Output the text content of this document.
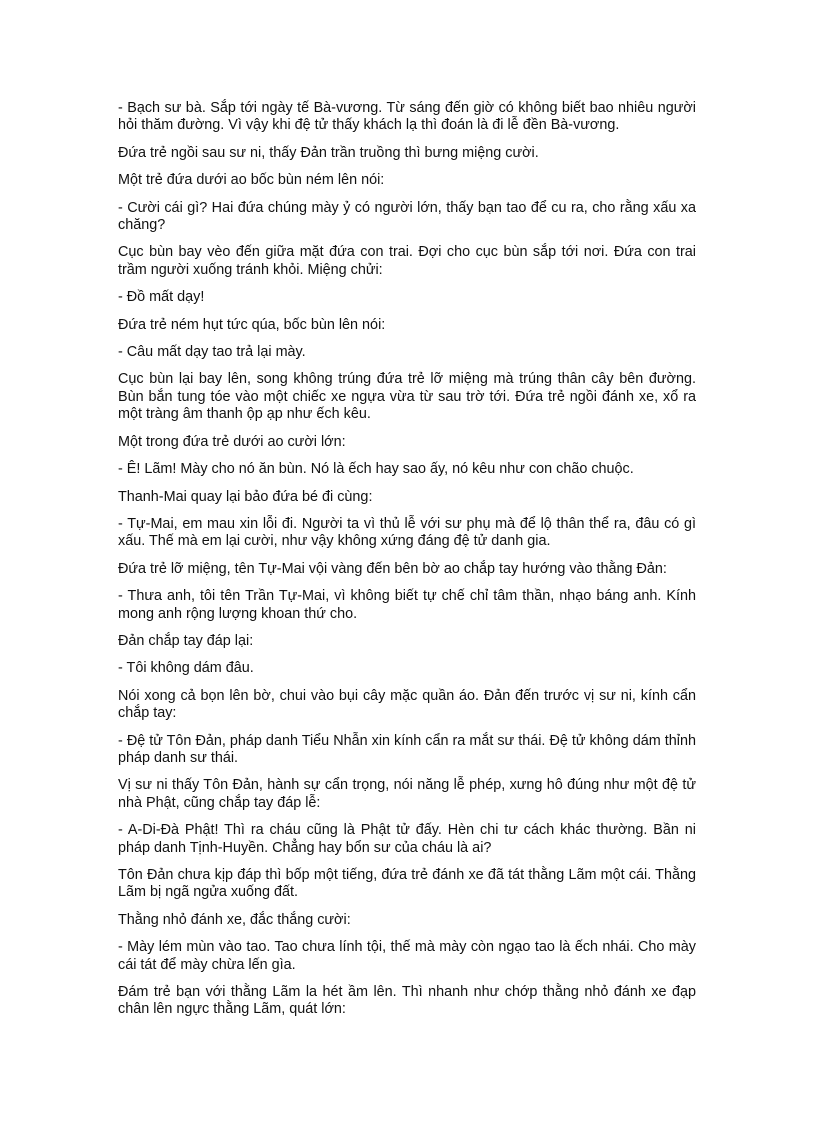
- Bạch sư bà. Sắp tới ngày tế Bà-vương. Từ sáng đến giờ có không biết bao nhiêu người hỏi thăm đường. Vì vậy khi đệ tử thấy khách lạ thì đoán là đi lễ đền Bà-vương.

Đứa trẻ ngồi sau sư ni, thấy Đản trần truồng thì bưng miệng cười.

Một trẻ đứa dưới ao bốc bùn ném lên nói:

- Cười cái gì? Hai đứa chúng mày ỷ có người lớn, thấy bạn tao để cu ra, cho rằng xấu xa chăng?

Cục bùn bay vèo đến giữa mặt đứa con trai. Đợi cho cục bùn sắp tới nơi. Đứa con trai trầm người xuống tránh khỏi. Miệng chửi:

- Đồ mất dạy!

Đứa trẻ ném hụt tức qúa, bốc bùn lên nói:

- Câu mất dạy tao trả lại mày.

Cục bùn lại bay lên, song không trúng đứa trẻ lỡ miệng mà trúng thân cây bên đường. Bùn bắn tung tóe vào một chiếc xe ngựa vừa từ sau trờ tới. Đứa trẻ ngồi đánh xe, xổ ra một tràng âm thanh ộp ạp như ếch kêu.

Một trong đứa trẻ dưới ao cười lớn:

- Ê! Lãm! Mày cho nó ăn bùn. Nó là ếch hay sao ấy, nó kêu như con chão chuộc.

Thanh-Mai quay lại bảo đứa bé đi cùng:

- Tự-Mai, em mau xin lỗi đi. Người ta vì thủ lễ với sư phụ mà để lộ thân thể ra, đâu có gì xấu. Thế mà em lại cười, như vậy không xứng đáng đệ tử danh gia.

Đứa trẻ lỡ miệng, tên Tự-Mai vội vàng đến bên bờ ao chắp tay hướng vào thằng Đản:

- Thưa anh, tôi tên Trần Tự-Mai, vì không biết tự chế chỉ tâm thần, nhạo báng anh. Kính mong anh rộng lượng khoan thứ cho.

Đản chắp tay đáp lại:

- Tôi không dám đâu.

Nói xong cả bọn lên bờ, chui vào bụi cây mặc quần áo. Đản đến trước vị sư ni, kính cẩn chắp tay:

- Đệ tử Tôn Đản, pháp danh Tiểu Nhẫn xin kính cẩn ra mắt sư thái. Đệ tử không dám thỉnh pháp danh sư thái.

Vị sư ni thấy Tôn Đản, hành sự cẩn trọng, nói năng lễ phép, xưng hô đúng như một đệ tử nhà Phật, cũng chắp tay đáp lễ:

- A-Di-Đà Phật! Thì ra cháu cũng là Phật tử đấy. Hèn chi tư cách khác thường. Bần ni pháp danh Tịnh-Huyền. Chẳng hay bổn sư của cháu là ai?

Tôn Đản chưa kịp đáp thì bốp một tiếng, đứa trẻ đánh xe đã tát thằng Lãm một cái. Thằng Lãm bị ngã ngửa xuống đất.

Thằng nhỏ đánh xe, đắc thắng cười:

- Mày lém mùn vào tao. Tao chưa lính tội, thế mà mày còn ngạo tao là ếch nhái. Cho mày cái tát để mày chừa lến gìa.

Đám trẻ bạn với thằng Lãm la hét ầm lên. Thì nhanh như chớp thằng nhỏ đánh xe đạp chân lên ngực thằng Lãm, quát lớn:
